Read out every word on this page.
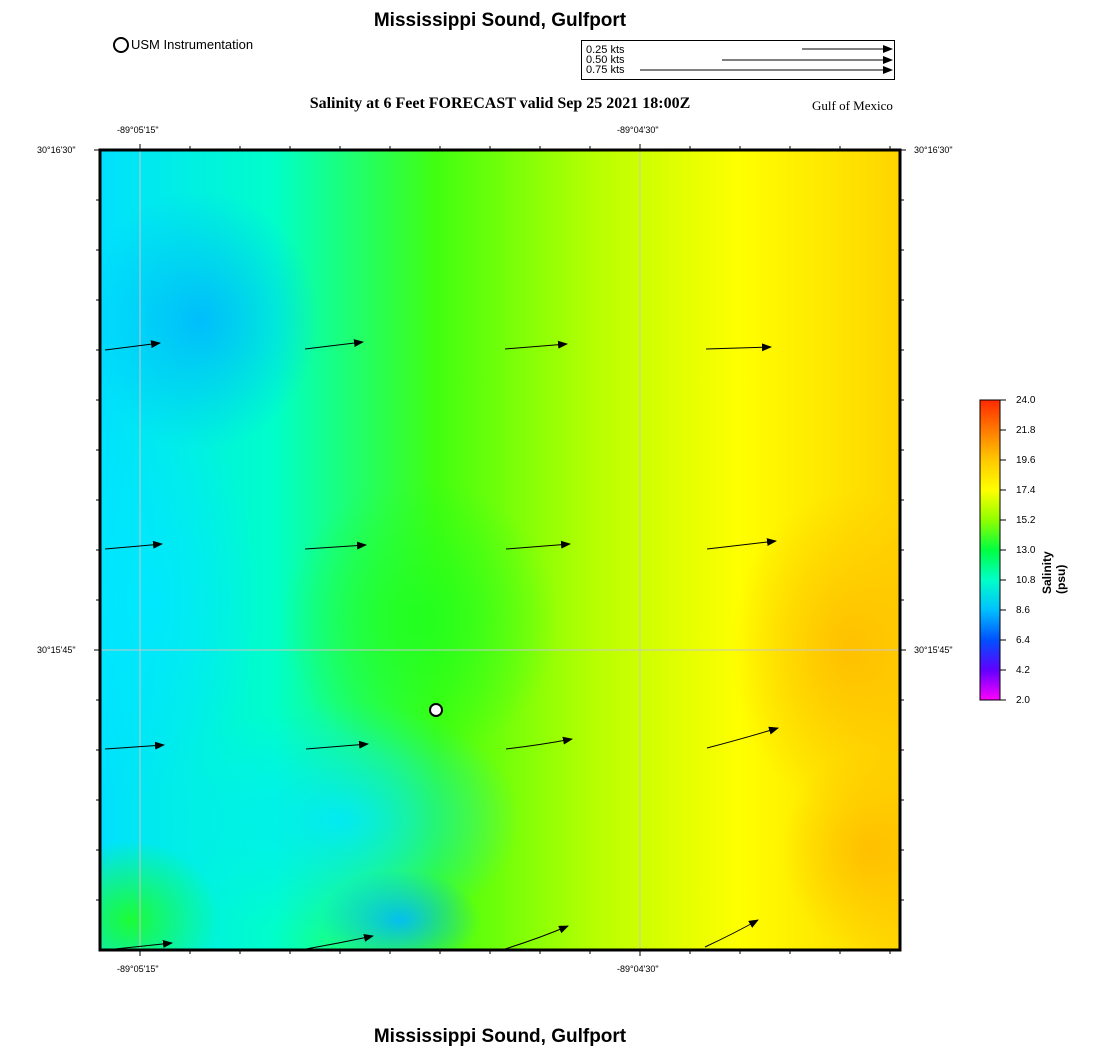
Mississippi Sound, Gulfport
Salinity at 6 Feet FORECAST valid Sep 25 2021 18:00Z	Gulf of Mexico
Mississippi Sound, Gulfport
USM Instrumentation	0.25 kts
0.50 kts
0.75 kts
-89°05'15"	-89°04'30"
-89°05'15"	-89°04'30"
30°16'30"
30°15'45"
30°16'30"
30°15'45"
24.0
21.8
19.6
17.4
15.2
13.0
10.8
8.6
6.4
4.2
2.0
Salinity (psu)
